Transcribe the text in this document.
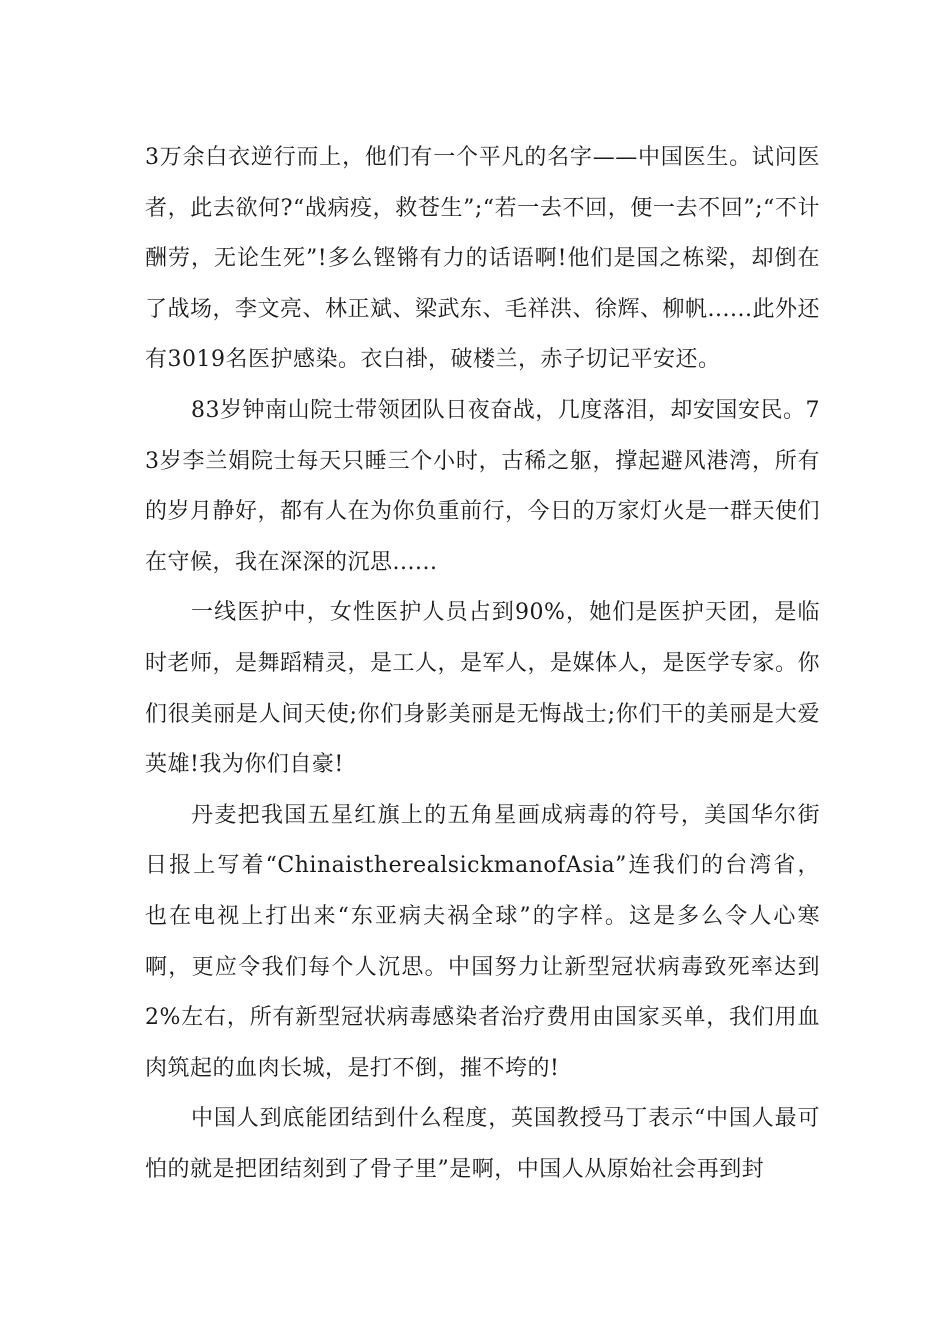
3万余白衣逆行而上，他们有一个平凡的名字——中国医生。试问医者，此去欲何?“战病疫，救苍生”;“若一去不回，便一去不回”;“不计酬劳，无论生死”!多么铿锵有力的话语啊!他们是国之栋梁，却倒在了战场，李文亮、林正斌、梁武东、毛祥洪、徐辉、柳帆......此外还有3019名医护感染。衣白褂，破楼兰，赤子切记平安还。

83岁钟南山院士带领团队日夜奋战，几度落泪，却安国安民。73岁李兰娟院士每天只睡三个小时，古稀之躯，撑起避风港湾，所有的岁月静好，都有人在为你负重前行，今日的万家灯火是一群天使们在守候，我在深深的沉思......

一线医护中，女性医护人员占到90%，她们是医护天团，是临时老师，是舞蹈精灵，是工人，是军人，是媒体人，是医学专家。你们很美丽是人间天使;你们身影美丽是无悔战士;你们干的美丽是大爱英雄!我为你们自豪!

丹麦把我国五星红旗上的五角星画成病毒的符号，美国华尔街日报上写着“ChinaistherealsickmanofAsia”连我们的台湾省，也在电视上打出来“东亚病夫祸全球”的字样。这是多么令人心寒啊，更应令我们每个人沉思。中国努力让新型冠状病毒致死率达到2%左右，所有新型冠状病毒感染者治疗费用由国家买单，我们用血肉筑起的血肉长城，是打不倒，摧不垮的!

中国人到底能团结到什么程度，英国教授马丁表示“中国人最可怕的就是把团结刻到了骨子里”是啊，中国人从原始社会再到封
